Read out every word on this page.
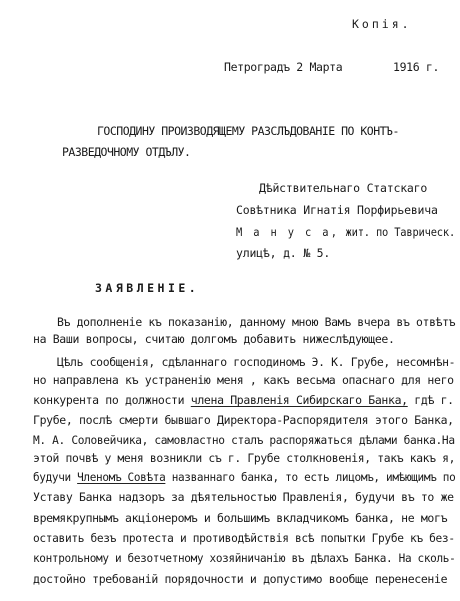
Копія.
Петроградъ 2 Марта	1916 г.
ГОСПОДИНУ ПРОИЗВОДЯЩЕМУ РАЗСЛЪДОВАНІЕ ПО КОНТЪ-
РАЗВЕДОЧНОМУ ОТДЪЛУ.
Дѣйствительнаго Статскаго
Совѣтника Игнатія Порфирьевича
М а н у с а, жит. по Таврическ.
улицѣ, д. № 5.
ЗАЯВЛЕНІЕ.
Въ дополненіе къ показанію, данному мною Вамъ вчера въ отвѣтъ
на Ваши вопросы, считаю долгомъ добавить нижеслѣдующее.
Цѣль сообщенія, сдѣланнаго господиномъ Э. К. Грубе, несомнѣн-
но направлена къ устраненію меня , какъ весьма опаснаго для него
конкурента по должности члена Правленія Сибирскаго Банка, гдѣ г.
Грубе, послѣ смерти бывшаго Директора-Распорядителя этого Банка,
М. А. Соловейчика, самовластно сталъ распоряжаться дѣлами банка.На
этой почвѣ у меня возникли съ г. Грубе столкновенія, такъ какъ я,
будучи Членомъ Совѣта названнаго банка, то есть лицомъ, имѣющимъ по
Уставу Банка надзоръ за дѣятельностью Правленія, будучи въ то же
времякрупнымъ акціонеромъ и большимъ вкладчикомъ банка, не могъ
оставить безъ протеста и противодѣйствія всѣ попытки Грубе къ без-
контрольному и безотчетному хозяйничанію въ дѣлахъ Банка. На сколь-
достойно требованій порядочности и допустимо вообще перенесеніе
